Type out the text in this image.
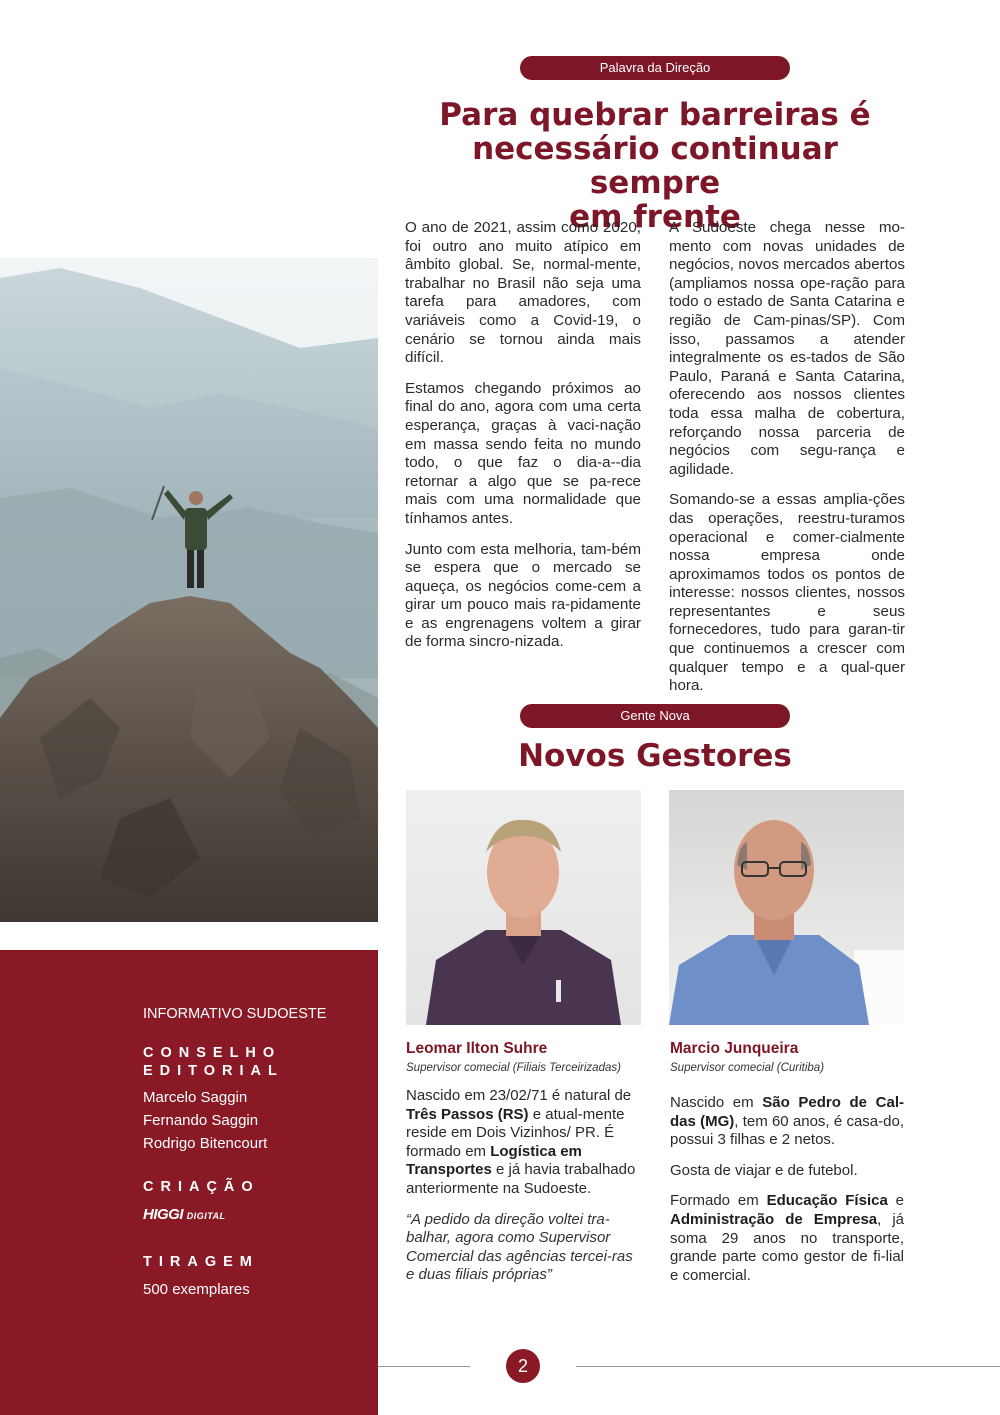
Palavra da Direção
Para quebrar barreiras é
necessário continuar sempre
em frente

O ano de 2021, assim como 2020, foi outro ano muito atípico em âmbito global. Se, normal-mente, trabalhar no Brasil não seja uma tarefa para amadores, com variáveis como a Covid-19, o cenário se tornou ainda mais difícil.

Estamos chegando próximos ao final do ano, agora com uma certa esperança, graças à vaci-nação em massa sendo feita no mundo todo, o que faz o dia-a--dia retornar a algo que se pa-rece mais com uma normalidade que tínhamos antes.

Junto com esta melhoria, tam-bém se espera que o mercado se aqueça, os negócios come-cem a girar um pouco mais ra-pidamente e as engrenagens voltem a girar de forma sincro-nizada.

A Sudoeste chega nesse mo-mento com novas unidades de negócios, novos mercados abertos (ampliamos nossa ope-ração para todo o estado de Santa Catarina e região de Cam-pinas/SP). Com isso, passamos a atender integralmente os es-tados de São Paulo, Paraná e Santa Catarina, oferecendo aos nossos clientes toda essa malha de cobertura, reforçando nossa parceria de negócios com segu-rança e agilidade.

Somando-se a essas amplia-ções das operações, reestru-turamos operacional e comer-cialmente nossa empresa onde aproximamos todos os pontos de interesse: nossos clientes, nossos representantes e seus fornecedores, tudo para garan-tir que continuemos a crescer com qualquer tempo e a qual-quer hora.

INFORMATIVO SUDOESTE
CONSELHO
EDITORIAL
Marcelo Saggin
Fernando Saggin
Rodrigo Bitencourt
CRIAÇÃO
HIGGI DIGITAL
TIRAGEM
500 exemplares
Gente Nova
Novos Gestores
Leomar Ilton Suhre
Supervisor comecial (Filiais Terceirizadas)

Nascido em 23/02/71 é natural de Três Passos (RS) e atual-mente reside em Dois Vizinhos/ PR. É formado em Logística em Transportes e já havia trabalhado anteriormente na Sudoeste.

“A pedido da direção voltei tra-balhar, agora como Supervisor Comercial das agências tercei-ras e duas filiais próprias”

Marcio Junqueira
Supervisor comecial (Curitiba)

Nascido em São Pedro de Cal-das (MG), tem 60 anos, é casa-do, possui 3 filhas e 2 netos.

Gosta de viajar e de futebol.

Formado em Educação Física e Administração de Empresa, já soma 29 anos no transporte, grande parte como gestor de fi-lial e comercial.

2
